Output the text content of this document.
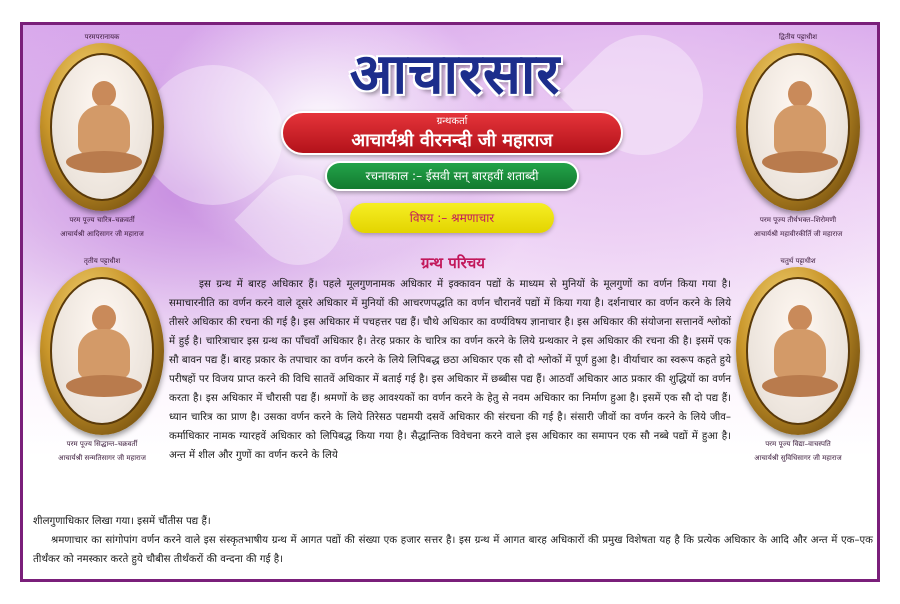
आचारसार
ग्रन्थकर्ता
आचार्यश्री वीरनन्दी जी महाराज
रचनाकाल :– ईसवी सन् बारहवीं शताब्दी
विषय :– श्रमणाचार
ग्रन्थ परिचय
परमपरानायक
परम पूज्य चारित्र–चक्रवर्ती
आचार्यश्री आदिसागर जी महाराज
द्वितीय पट्टाधीश
परम पूज्य तीर्थभक्त–शिरोमणी
आचार्यश्री महावीरकीर्ति जी महाराज
तृतीय पट्टाधीश
परम पूज्य सिद्धान्त–चक्रवर्ती
आचार्यश्री सन्मतिसागर जी महाराज
चतुर्थ पट्टाधीश
परम पूज्य विद्या–वाचस्पति
आचार्यश्री सुविधिसागर जी महाराज
इस ग्रन्थ में बारह अधिकार हैं। पहले मूलगुणनामक अधिकार में इक्कावन पद्यों के माध्यम से मुनियों के मूलगुणों का वर्णन किया गया है। समाचारनीति का वर्णन करने वाले दूसरे अधिकार में मुनियों की आचरणपद्धति का वर्णन चौरानवें पद्यों में किया गया है। दर्शनाचार का वर्णन करने के लिये तीसरे अधिकार की रचना की गई है। इस अधिकार में पचहत्तर पद्य हैं। चौथे अधिकार का वर्ण्यविषय ज्ञानाचार है। इस अधिकार की संयोजना सत्तानवें श्लोकों में हुई है। चारित्राचार इस ग्रन्थ का पाँचवाँ अधिकार है। तेरह प्रकार के चारित्र का वर्णन करने के लिये ग्रन्थकार ने इस अधिकार की रचना की है। इसमें एक सौ बावन पद्य हैं। बारह प्रकार के तपाचार का वर्णन करने के लिये लिपिबद्ध छठा अधिकार एक सौ दो श्लोकों में पूर्ण हुआ है। वीर्याचार का स्वरूप कहते हुये परीषहों पर विजय प्राप्त करने की विधि सातवें अधिकार में बताई गई है। इस अधिकार में छब्बीस पद्य हैं। आठवाँ अधिकार आठ प्रकार की शुद्धियों का वर्णन करता है। इस अधिकार में चौरासी पद्य हैं। श्रमणों के छह आवश्यकों का वर्णन करने के हेतु से नवम अधिकार का निर्माण हुआ है। इसमें एक सौ दो पद्य हैं। ध्यान चारित्र का प्राण है। उसका वर्णन करने के लिये तिरेसठ पद्यमयी दसवें अधिकार की संरचना की गई है। संसारी जीवों का वर्णन करने के लिये जीव–कर्माधिकार नामक ग्यारहवें अधिकार को लिपिबद्ध किया गया है। सैद्धान्तिक विवेचना करने वाले इस अधिकार का समापन एक सौ नब्बे पद्यों में हुआ है। अन्त में शील और गुणों का वर्णन करने के लिये
शीलगुणाधिकार लिखा गया। इसमें चौंतीस पद्य हैं।
श्रमणाचार का सांगोपांग वर्णन करने वाले इस संस्कृतभाषीय ग्रन्थ में आगत पद्यों की संख्या एक हजार सत्तर है। इस ग्रन्थ में आगत बारह अधिकारों की प्रमुख विशेषता यह है कि प्रत्येक अधिकार के आदि और अन्त में एक–एक तीर्थंकर को नमस्कार करते हुये चौबीस तीर्थंकरों की वन्दना की गई है।
